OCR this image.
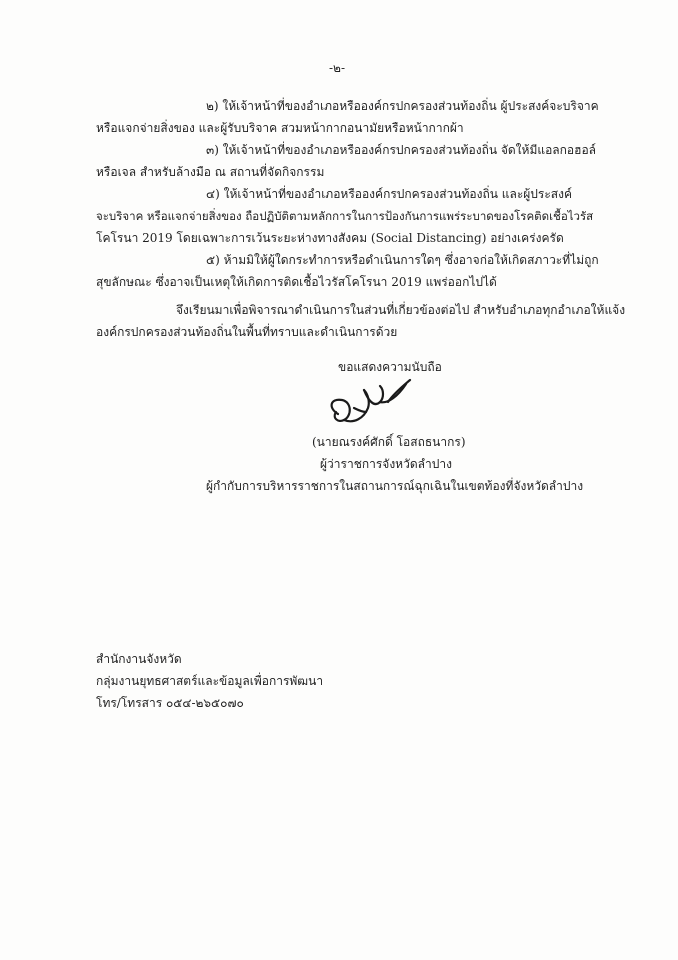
-๒-
๒) ให้เจ้าหน้าที่ของอำเภอหรือองค์กรปกครองส่วนท้องถิ่น ผู้ประสงค์จะบริจาค
หรือแจกจ่ายสิ่งของ และผู้รับบริจาค สวมหน้ากากอนามัยหรือหน้ากากผ้า
๓) ให้เจ้าหน้าที่ของอำเภอหรือองค์กรปกครองส่วนท้องถิ่น จัดให้มีแอลกอฮอล์
หรือเจล สำหรับล้างมือ ณ สถานที่จัดกิจกรรม
๔) ให้เจ้าหน้าที่ของอำเภอหรือองค์กรปกครองส่วนท้องถิ่น และผู้ประสงค์
จะบริจาค หรือแจกจ่ายสิ่งของ ถือปฏิบัติตามหลักการในการป้องกันการแพร่ระบาดของโรคติดเชื้อไวรัส
โคโรนา 2019 โดยเฉพาะการเว้นระยะห่างทางสังคม (Social Distancing) อย่างเคร่งครัด
๕) ห้ามมิให้ผู้ใดกระทำการหรือดำเนินการใดๆ ซึ่งอาจก่อให้เกิดสภาวะที่ไม่ถูก
สุขลักษณะ ซึ่งอาจเป็นเหตุให้เกิดการติดเชื้อไวรัสโคโรนา 2019 แพร่ออกไปได้
จึงเรียนมาเพื่อพิจารณาดำเนินการในส่วนที่เกี่ยวข้องต่อไป สำหรับอำเภอทุกอำเภอให้แจ้ง
องค์กรปกครองส่วนท้องถิ่นในพื้นที่ทราบและดำเนินการด้วย
ขอแสดงความนับถือ
(นายณรงค์ศักดิ์ โอสถธนากร)
ผู้ว่าราชการจังหวัดลำปาง
ผู้กำกับการบริหารราชการในสถานการณ์ฉุกเฉินในเขตท้องที่จังหวัดลำปาง
สำนักงานจังหวัด
กลุ่มงานยุทธศาสตร์และข้อมูลเพื่อการพัฒนา
โทร/โทรสาร ๐๕๔-๒๖๕๐๗๐
